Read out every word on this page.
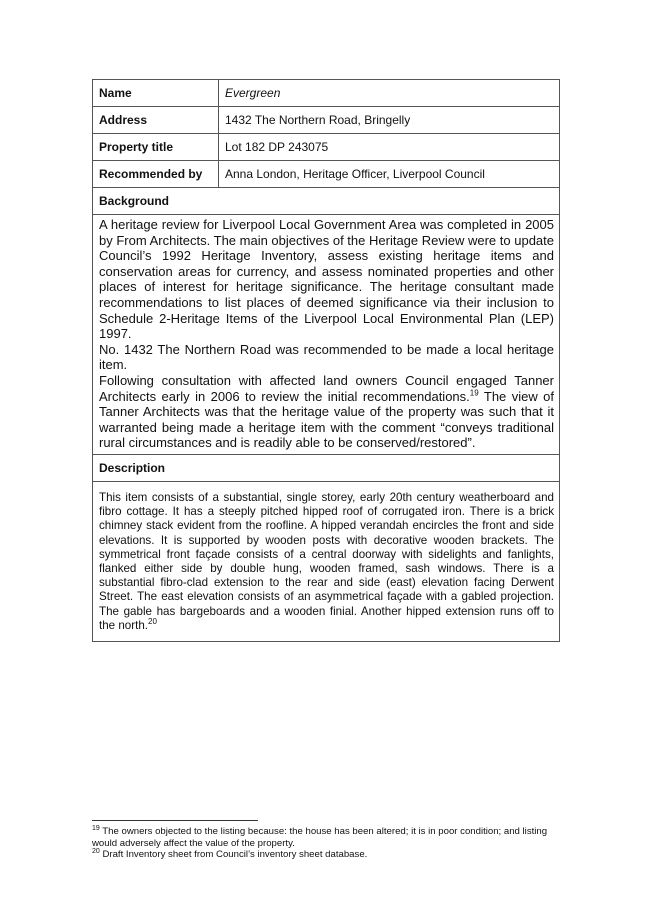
Name	Evergreen
Address	1432 The Northern Road, Bringelly
Property title	Lot 182 DP 243075
Recommended by	Anna London, Heritage Officer, Liverpool Council
Background	

A heritage review for Liverpool Local Government Area was completed in 2005 by From Architects. The main objectives of the Heritage Review were to update Council’s 1992 Heritage Inventory, assess existing heritage items and conservation areas for currency, and assess nominated properties and other places of interest for heritage significance. The heritage consultant made recommendations to list places of deemed significance via their inclusion to Schedule 2-Heritage Items of the Liverpool Local Environmental Plan (LEP) 1997.

No. 1432 The Northern Road was recommended to be made a local heritage item.

Following consultation with affected land owners Council engaged Tanner Architects early in 2006 to review the initial recommendations.$^{19}$ The view of Tanner Architects was that the heritage value of the property was such that it warranted being made a heritage item with the comment “conveys traditional rural circumstances and is readily able to be conserved/restored”.	

Description	
This item consists of a substantial, single storey, early 20th century weatherboard and fibro cottage. It has a steeply pitched hipped roof of corrugated iron. There is a brick chimney stack evident from the roofline. A hipped verandah encircles the front and side elevations. It is supported by wooden posts with decorative wooden brackets. The symmetrical front façade consists of a central doorway with sidelights and fanlights, flanked either side by double hung, wooden framed, sash windows. There is a substantial fibro-clad extension to the rear and side (east) elevation facing Derwent Street. The east elevation consists of an asymmetrical façade with a gabled projection. The gable has bargeboards and a wooden finial. Another hipped extension runs off to the north.$^{20}$

$^{19}$ The owners objected to the listing because: the house has been altered; it is in poor condition; and listing would adversely affect the value of the property.

$^{20}$ Draft Inventory sheet from Council’s inventory sheet database.
